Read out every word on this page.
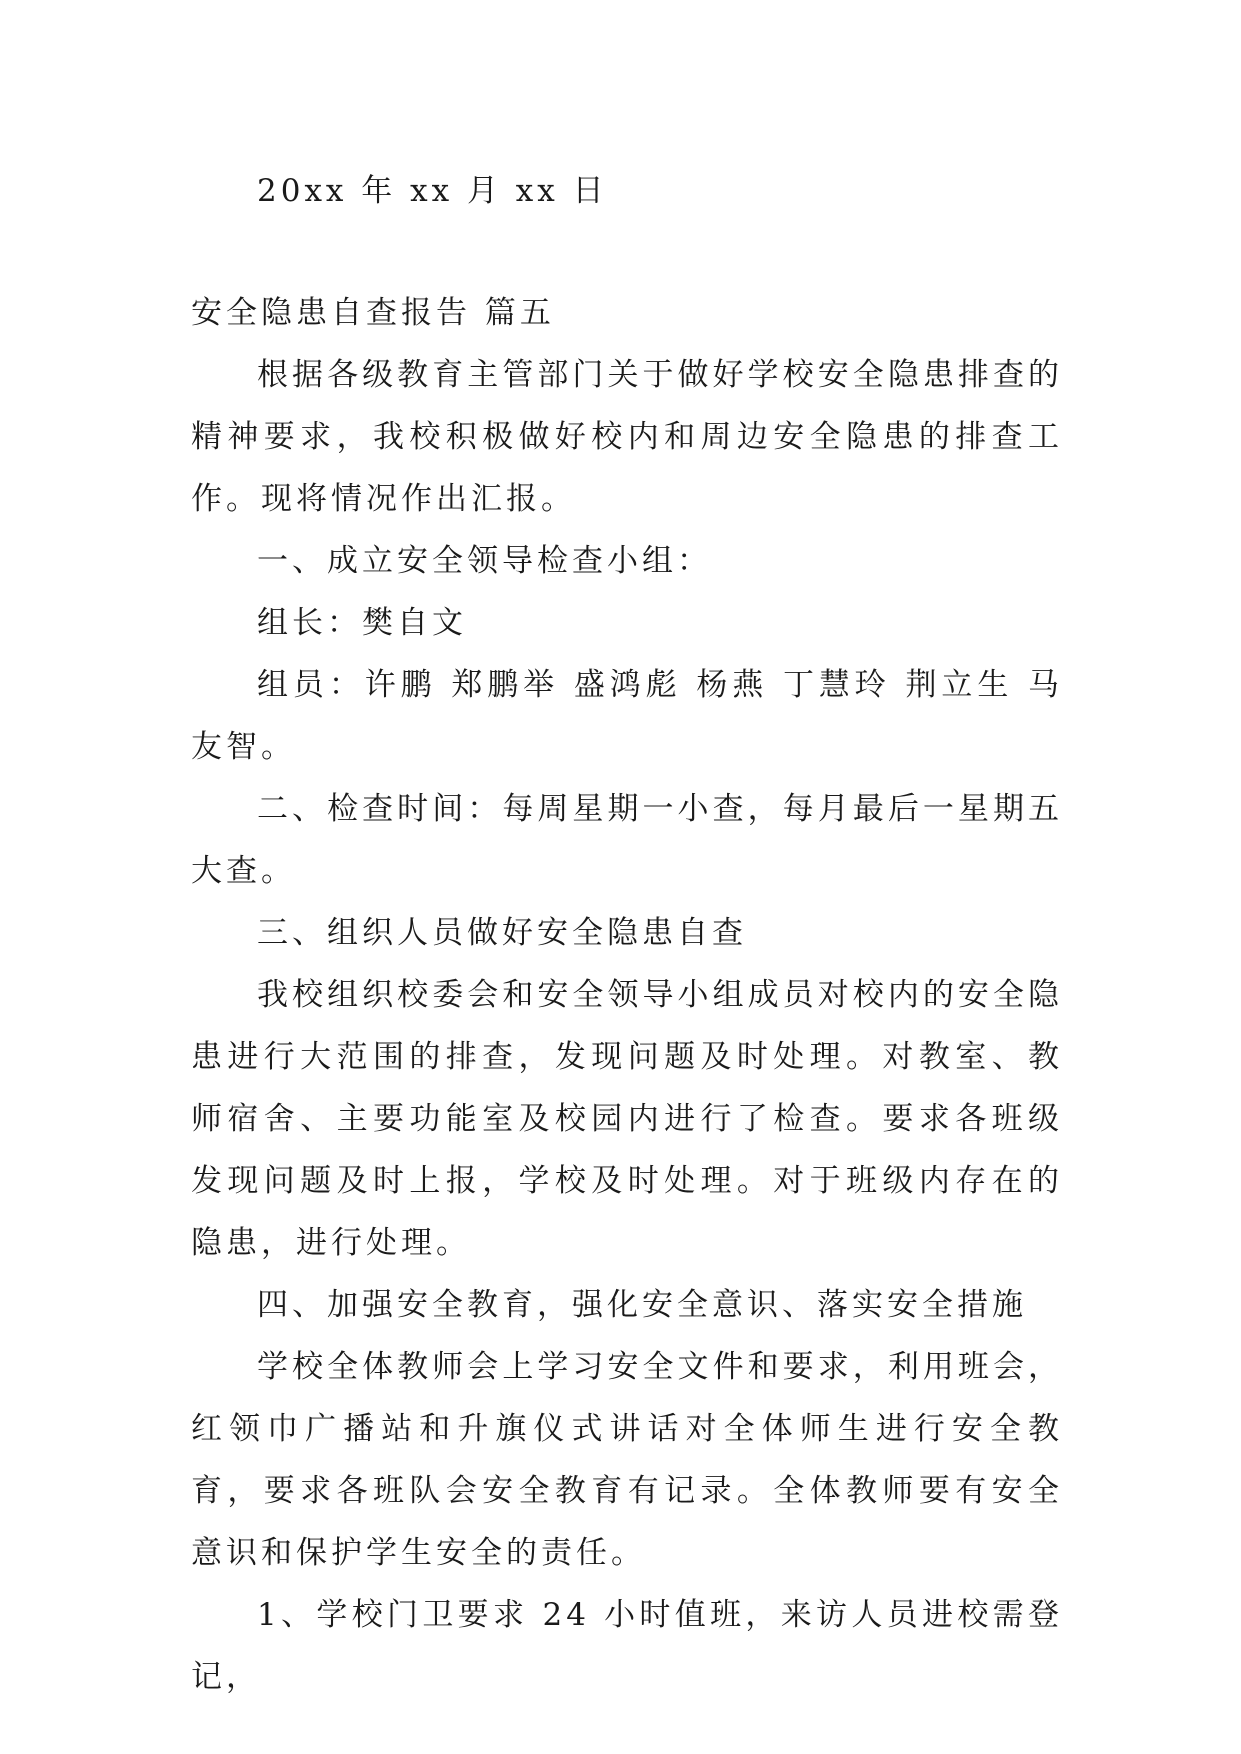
20xx 年 xx 月 xx 日

安全隐患自查报告 篇五

根据各级教育主管部门关于做好学校安全隐患排查的精神要求，我校积极做好校内和周边安全隐患的排查工作。现将情况作出汇报。

一、成立安全领导检查小组：

组长：樊自文

组员：许鹏 郑鹏举 盛鸿彪 杨燕 丁慧玲 荆立生 马友智。

二、检查时间：每周星期一小查，每月最后一星期五大查。

三、组织人员做好安全隐患自查

我校组织校委会和安全领导小组成员对校内的安全隐患进行大范围的排查，发现问题及时处理。对教室、教师宿舍、主要功能室及校园内进行了检查。要求各班级发现问题及时上报，学校及时处理。对于班级内存在的隐患，进行处理。

四、加强安全教育，强化安全意识、落实安全措施

学校全体教师会上学习安全文件和要求，利用班会，红领巾广播站和升旗仪式讲话对全体师生进行安全教育，要求各班队会安全教育有记录。全体教师要有安全意识和保护学生安全的责任。

1、学校门卫要求 24 小时值班，来访人员进校需登记，
